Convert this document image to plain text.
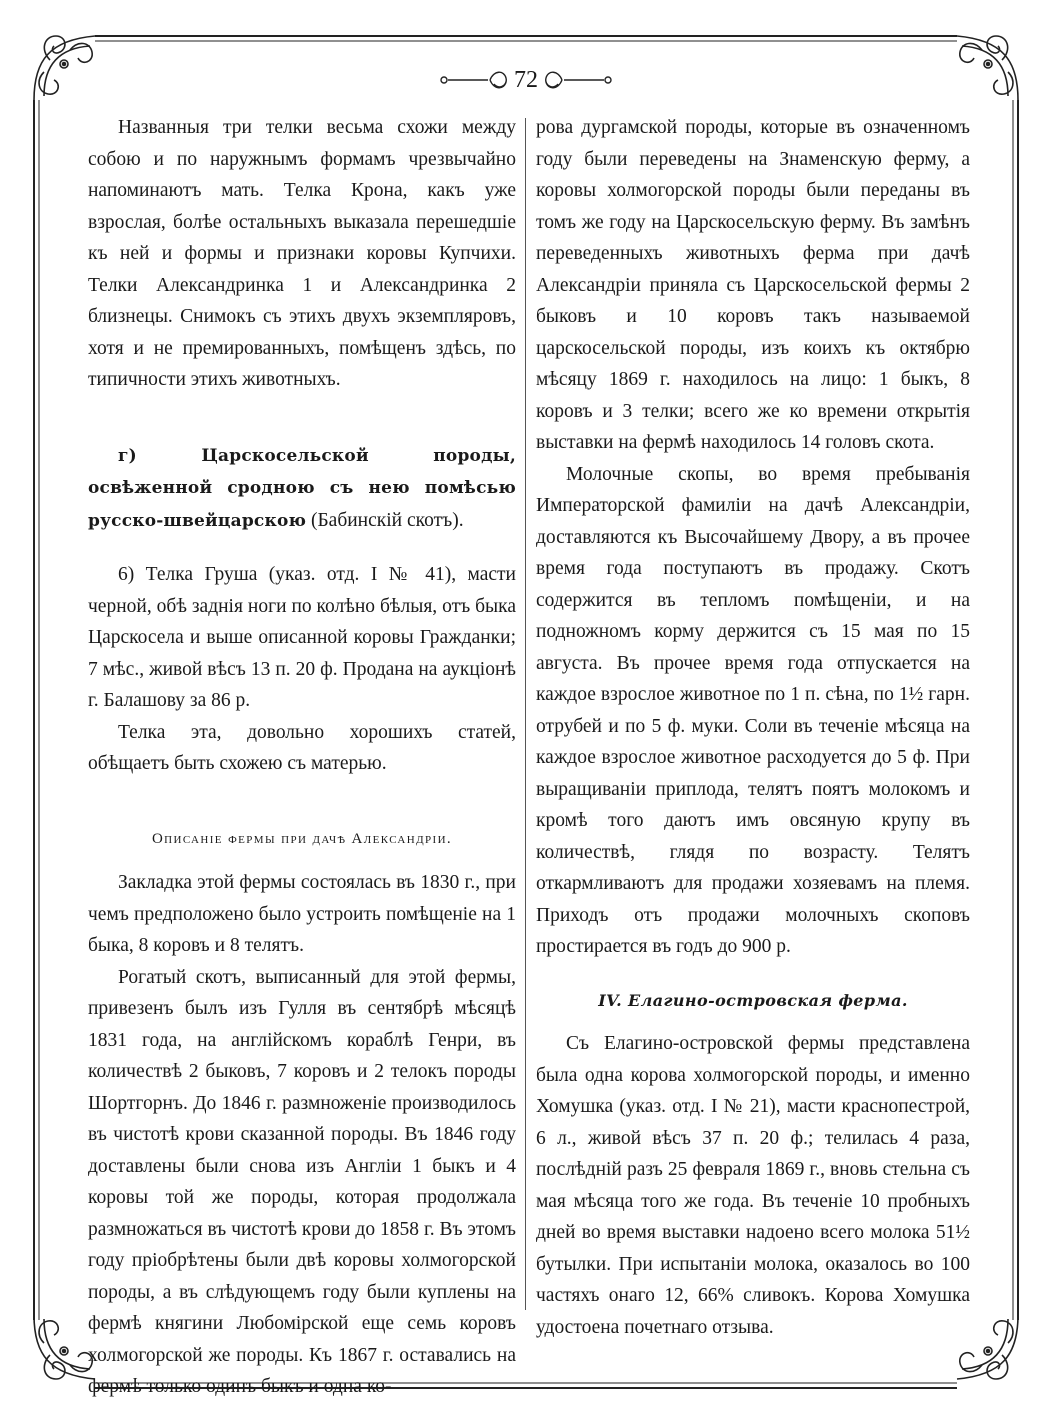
72

Названныя три телки весьма схожи между собою и по наружнымъ формамъ чрезвычайно напоминаютъ мать. Телка Крона, какъ уже взрослая, болѣе остальныхъ выказала перешедшіе къ ней и формы и признаки коровы Купчихи. Телки Александринка 1 и Александринка 2 близнецы. Снимокъ съ этихъ двухъ экземпляровъ, хотя и не премированныхъ, помѣщенъ здѣсь, по типичности этихъ животныхъ.

г) Царскосельской породы, освѣженной сродною съ нею помѣсью русско-швейцарскою (Бабинскій скотъ).

6) Телка Груша (указ. отд. I № 41), масти черной, обѣ заднія ноги по колѣно бѣлыя, отъ быка Царскосела и выше описанной коровы Гражданки; 7 мѣс., живой вѣсъ 13 п. 20 ф. Продана на аукціонѣ г. Балашову за 86 р.

Телка эта, довольно хорошихъ статей, обѣщаетъ быть схожею съ матерью.

Описаніе фермы при дачѣ Александріи.

Закладка этой фермы состоялась въ 1830 г., при чемъ предположено было устроить помѣщеніе на 1 быка, 8 коровъ и 8 телятъ.

Рогатый скотъ, выписанный для этой фермы, привезенъ былъ изъ Гулля въ сентябрѣ мѣсяцѣ 1831 года, на англійскомъ кораблѣ Генри, въ количествѣ 2 быковъ, 7 коровъ и 2 телокъ породы Шортгорнъ. До 1846 г. размноженіе производилось въ чистотѣ крови сказанной породы. Въ 1846 году доставлены были снова изъ Англіи 1 быкъ и 4 коровы той же породы, которая продолжала размножаться въ чистотѣ крови до 1858 г. Въ этомъ году пріобрѣтены были двѣ коровы холмогорской породы, а въ слѣдующемъ году были куплены на фермѣ княгини Любомірской еще семь коровъ холмогорской же породы. Къ 1867 г. оставались на фермѣ только одинъ быкъ и одна ко-

рова дургамской породы, которые въ означенномъ году были переведены на Знаменскую ферму, а коровы холмогорской породы были переданы въ томъ же году на Царскосельскую ферму. Въ замѣнъ переведенныхъ животныхъ ферма при дачѣ Александріи приняла съ Царскосельской фермы 2 быковъ и 10 коровъ такъ называемой царскосельской породы, изъ коихъ къ октябрю мѣсяцу 1869 г. находилось на лицо: 1 быкъ, 8 коровъ и 3 телки; всего же ко времени открытія выставки на фермѣ находилось 14 головъ скота.

Молочные скопы, во время пребыванія Императорской фамиліи на дачѣ Александріи, доставляются къ Высочайшему Двору, а въ прочее время года поступаютъ въ продажу. Скотъ содержится въ тепломъ помѣщеніи, и на подножномъ корму держится съ 15 мая по 15 августа. Въ прочее время года отпускается на каждое взрослое животное по 1 п. сѣна, по 1½ гарн. отрубей и по 5 ф. муки. Соли въ теченіе мѣсяца на каждое взрослое животное расходуется до 5 ф. При выращиваніи приплода, телятъ поятъ молокомъ и кромѣ того даютъ имъ овсяную крупу въ количествѣ, глядя по возрасту. Телятъ откармливаютъ для продажи хозяевамъ на племя. Приходъ отъ продажи молочныхъ скоповъ простирается въ годъ до 900 р.

IV. Елагино-островская ферма.

Съ Елагино-островской фермы представлена была одна корова холмогорской породы, и именно Хомушка (указ. отд. I № 21), масти краснопестрой, 6 л., живой вѣсъ 37 п. 20 ф.; телилась 4 раза, послѣдній разъ 25 февраля 1869 г., вновь стельна съ мая мѣсяца того же года. Въ теченіе 10 пробныхъ дней во время выставки надоено всего молока 51½ бутылки. При испытаніи молока, оказалось во 100 частяхъ онаго 12, 66% сливокъ. Корова Хомушка удостоена почетнаго отзыва.
